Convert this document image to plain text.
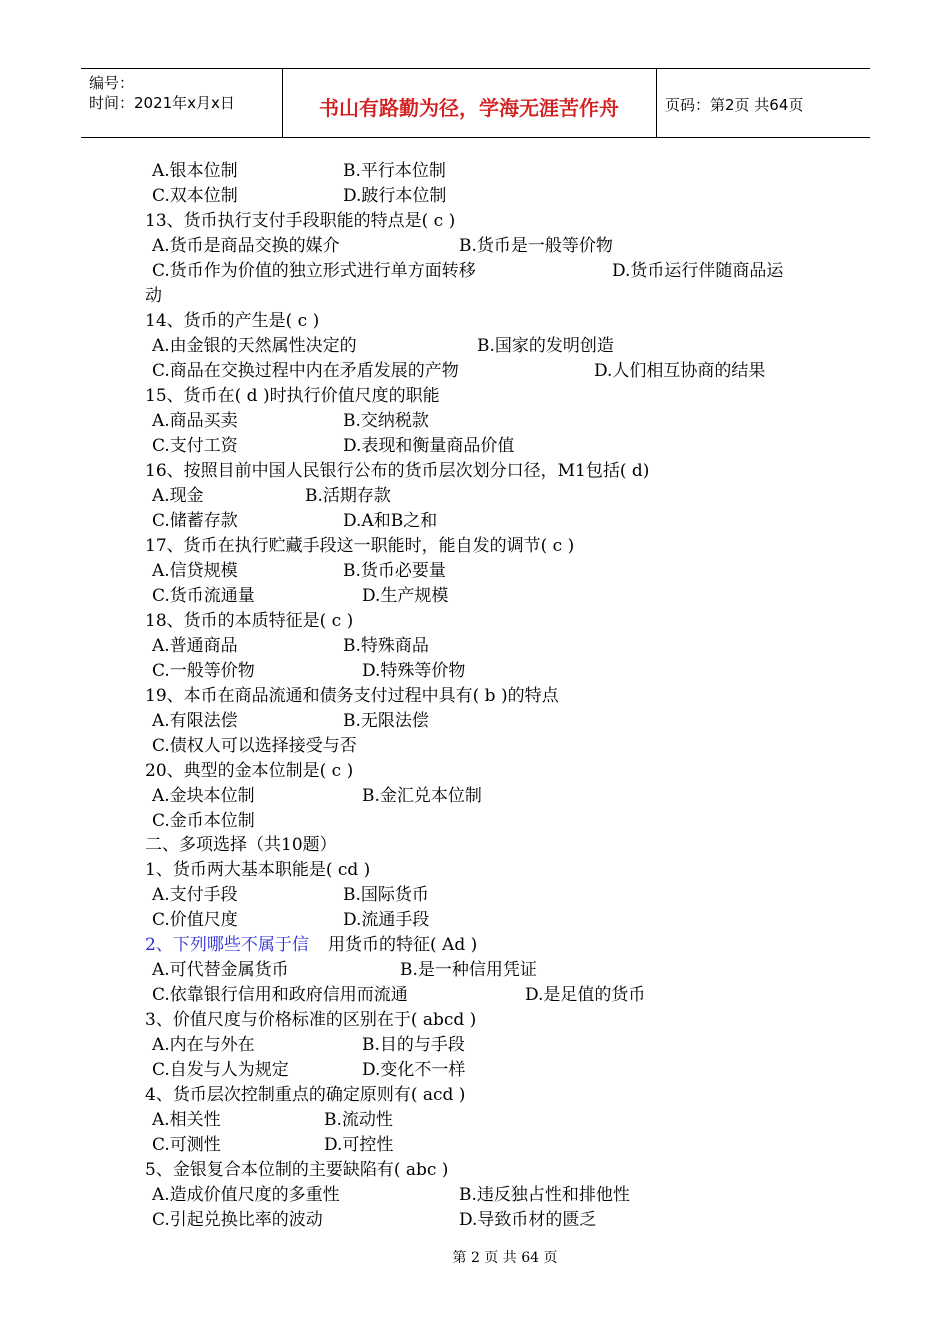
编号：
时间：2021年x月x日	书山有路勤为径，学海无涯苦作舟	页码：第2页 共64页
A.银本位制	B.平行本位制
C.双本位制	D.跛行本位制
13、货币执行支付手段职能的特点是( c )
A.货币是商品交换的媒介	B.货币是一般等价物
C.货币作为价值的独立形式进行单方面转移	D.货币运行伴随商品运
动
14、货币的产生是( c )
A.由金银的天然属性决定的	B.国家的发明创造
C.商品在交换过程中内在矛盾发展的产物	D.人们相互协商的结果
15、货币在( d )时执行价值尺度的职能
A.商品买卖	B.交纳税款
C.支付工资	D.表现和衡量商品价值
16、按照目前中国人民银行公布的货币层次划分口径，M1包括( d)
A.现金	B.活期存款
C.储蓄存款	D.A和B之和
17、货币在执行贮藏手段这一职能时，能自发的调节( c )
A.信贷规模	B.货币必要量
C.货币流通量	D.生产规模
18、货币的本质特征是( c )
A.普通商品	B.特殊商品
C.一般等价物	D.特殊等价物
19、本币在商品流通和债务支付过程中具有( b )的特点
A.有限法偿	B.无限法偿
C.债权人可以选择接受与否
20、典型的金本位制是( c )
A.金块本位制	B.金汇兑本位制
C.金币本位制
二、多项选择（共10题）
1、货币两大基本职能是( cd )
A.支付手段	B.国际货币
C.价值尺度	D.流通手段
2、下列哪些不属于信 用货币的特征( Ad )
A.可代替金属货币	B.是一种信用凭证
C.依靠银行信用和政府信用而流通	D.是足值的货币
3、价值尺度与价格标准的区别在于( abcd )
A.内在与外在	B.目的与手段
C.自发与人为规定	D.变化不一样
4、货币层次控制重点的确定原则有( acd )
A.相关性	B.流动性
C.可测性	D.可控性
5、金银复合本位制的主要缺陷有( abc )
A.造成价值尺度的多重性	B.违反独占性和排他性
C.引起兑换比率的波动	D.导致币材的匮乏
第 2 页 共 64 页
